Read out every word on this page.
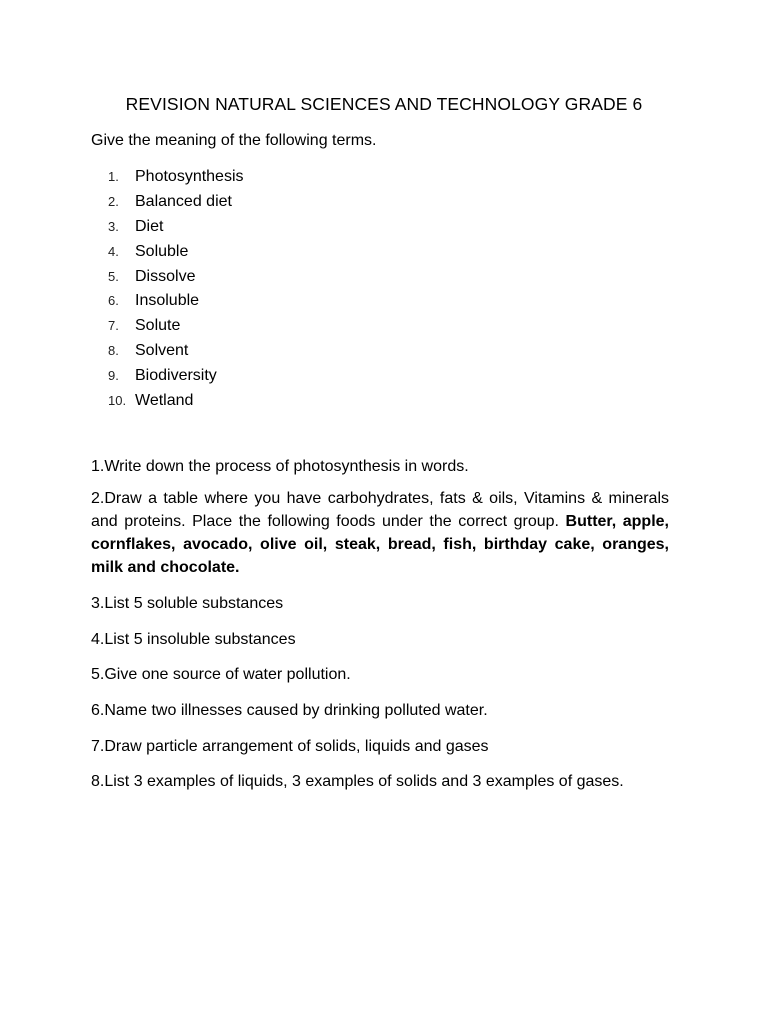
REVISION NATURAL SCIENCES AND TECHNOLOGY GRADE 6
Give the meaning of the following terms.
1. Photosynthesis
2. Balanced diet
3. Diet
4. Soluble
5. Dissolve
6. Insoluble
7. Solute
8. Solvent
9. Biodiversity
10. Wetland

1.Write down the process of photosynthesis in words.

2.Draw a table where you have carbohydrates, fats & oils, Vitamins & minerals and proteins. Place the following foods under the correct group. Butter, apple, cornflakes, avocado, olive oil, steak, bread, fish, birthday cake, oranges, milk and chocolate.

3.List 5 soluble substances

4.List 5 insoluble substances

5.Give one source of water pollution.

6.Name two illnesses caused by drinking polluted water.

7.Draw particle arrangement of solids, liquids and gases

8.List 3 examples of liquids, 3 examples of solids and 3 examples of gases.
